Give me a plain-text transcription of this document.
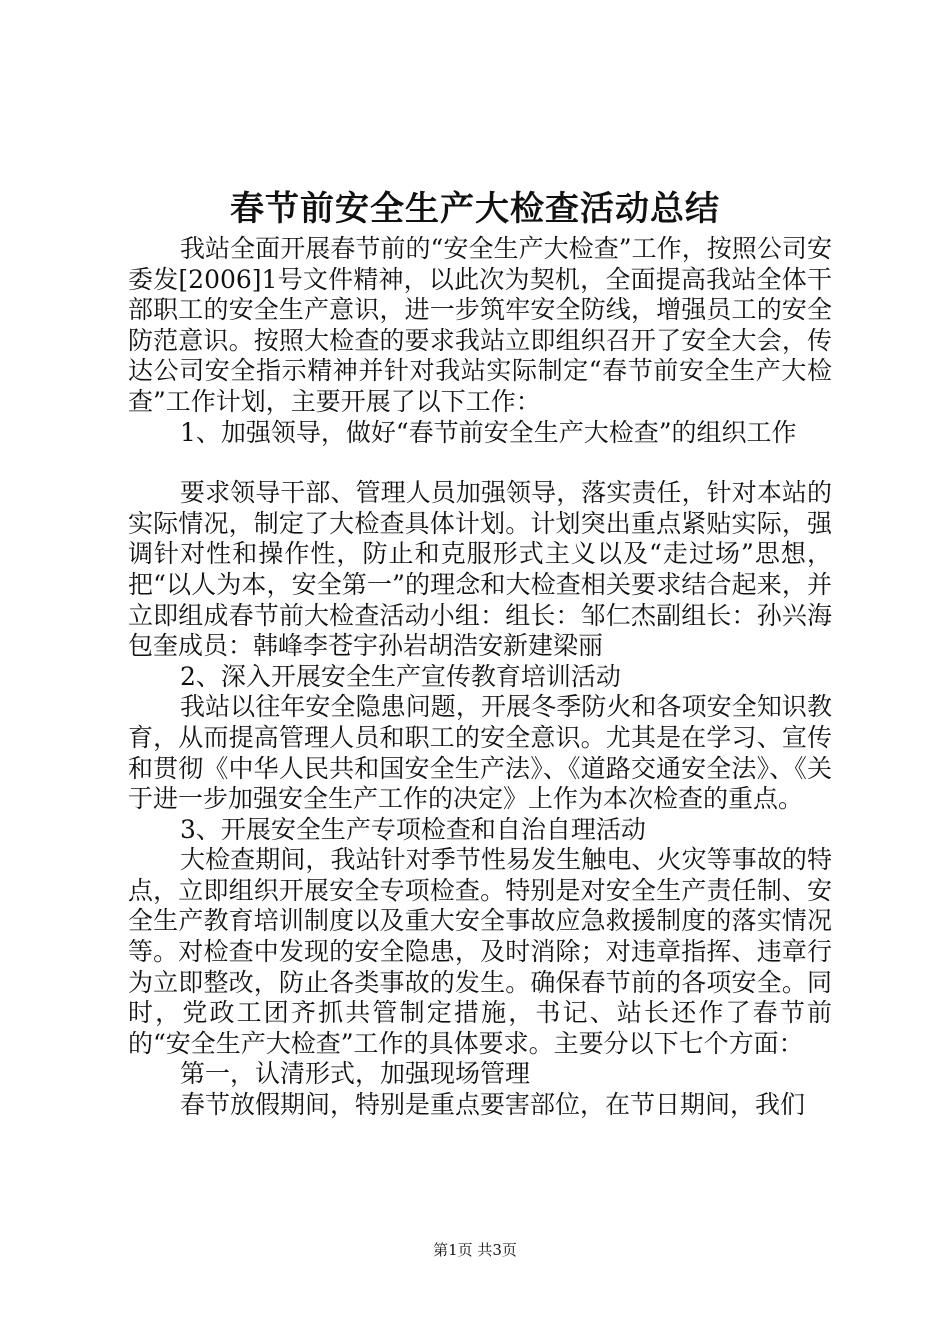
春节前安全生产大检查活动总结

我站全面开展春节前的“安全生产大检查”工作，按照公司安委发[2006]1号文件精神，以此次为契机，全面提高我站全体干部职工的安全生产意识，进一步筑牢安全防线，增强员工的安全防范意识。按照大检查的要求我站立即组织召开了安全大会，传达公司安全指示精神并针对我站实际制定“春节前安全生产大检查”工作计划，主要开展了以下工作：

1、加强领导，做好“春节前安全生产大检查”的组织工作

要求领导干部、管理人员加强领导，落实责任，针对本站的实际情况，制定了大检查具体计划。计划突出重点紧贴实际，强调针对性和操作性，防止和克服形式主义以及“走过场”思想，把“以人为本，安全第一”的理念和大检查相关要求结合起来，并立即组成春节前大检查活动小组：组长：邹仁杰副组长：孙兴海包奎成员：韩峰李苍宇孙岩胡浩安新建梁丽

2、深入开展安全生产宣传教育培训活动

我站以往年安全隐患问题，开展冬季防火和各项安全知识教育，从而提高管理人员和职工的安全意识。尤其是在学习、宣传和贯彻《中华人民共和国安全生产法》、《道路交通安全法》、《关于进一步加强安全生产工作的决定》上作为本次检查的重点。

3、开展安全生产专项检查和自治自理活动

大检查期间，我站针对季节性易发生触电、火灾等事故的特点，立即组织开展安全专项检查。特别是对安全生产责任制、安全生产教育培训制度以及重大安全事故应急救援制度的落实情况等。对检查中发现的安全隐患，及时消除；对违章指挥、违章行为立即整改，防止各类事故的发生。确保春节前的各项安全。同时，党政工团齐抓共管制定措施，书记、站长还作了春节前的“安全生产大检查”工作的具体要求。主要分以下七个方面：

第一，认清形式，加强现场管理

春节放假期间，特别是重点要害部位，在节日期间，我们

第1页 共3页
